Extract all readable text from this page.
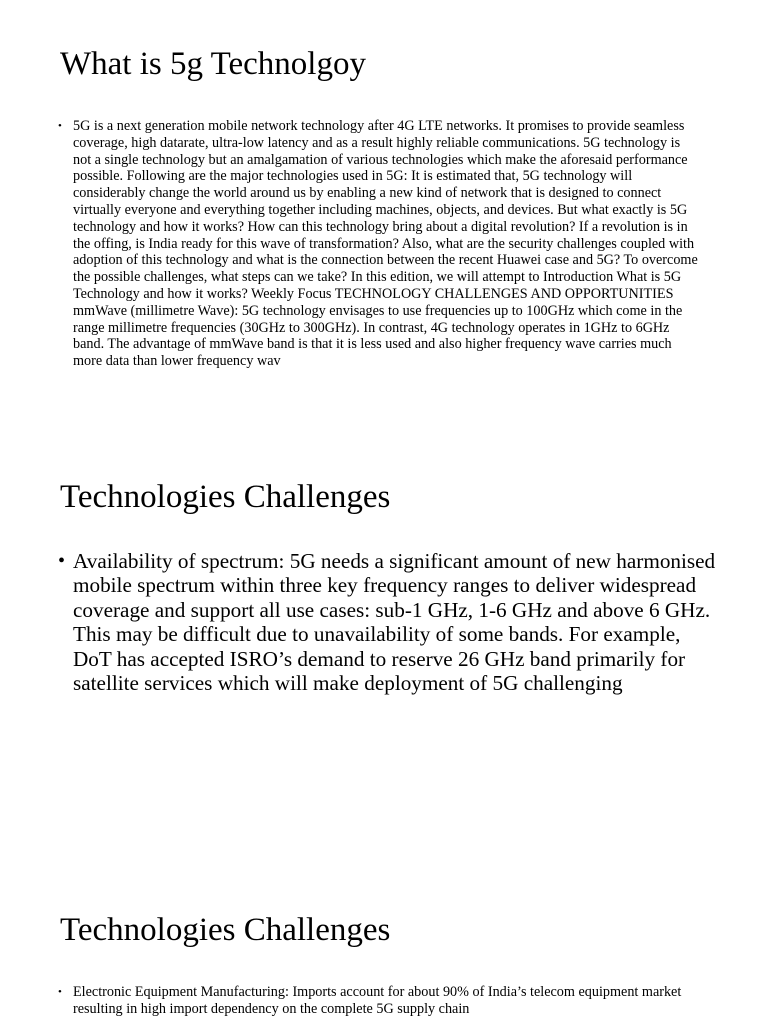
What is 5g Technolgoy
• 5G is a next generation mobile network technology after 4G LTE networks. It promises to provide seamless coverage, high datarate, ultra-low latency and as a result highly reliable communications. 5G technology is not a single technology but an amalgamation of various technologies which make the aforesaid performance possible. Following are the major technologies used in 5G: It is estimated that, 5G technology will considerably change the world around us by enabling a new kind of network that is designed to connect virtually everyone and everything together including machines, objects, and devices. But what exactly is 5G technology and how it works? How can this technology bring about a digital revolution? If a revolution is in the offing, is India ready for this wave of transformation? Also, what are the security challenges coupled with adoption of this technology and what is the connection between the recent Huawei case and 5G? To overcome the possible challenges, what steps can we take? In this edition, we will attempt to Introduction What is 5G Technology and how it works? Weekly Focus TECHNOLOGY CHALLENGES AND OPPORTUNITIES mmWave (millimetre Wave): 5G technology envisages to use frequencies up to 100GHz which come in the range millimetre frequencies (30GHz to 300GHz). In contrast, 4G technology operates in 1GHz to 6GHz band. The advantage of mmWave band is that it is less used and also higher frequency wave carries much more data than lower frequency wav

Technologies Challenges
• Availability of spectrum: 5G needs a significant amount of new harmonised mobile spectrum within three key frequency ranges to deliver widespread coverage and support all use cases: sub-1 GHz, 1-6 GHz and above 6 GHz. This may be difficult due to unavailability of some bands. For example, DoT has accepted ISRO’s demand to reserve 26 GHz band primarily for satellite services which will make deployment of 5G challenging

Technologies Challenges
• Electronic Equipment Manufacturing: Imports account for about 90% of India’s telecom equipment market resulting in high import dependency on the complete 5G supply chain
